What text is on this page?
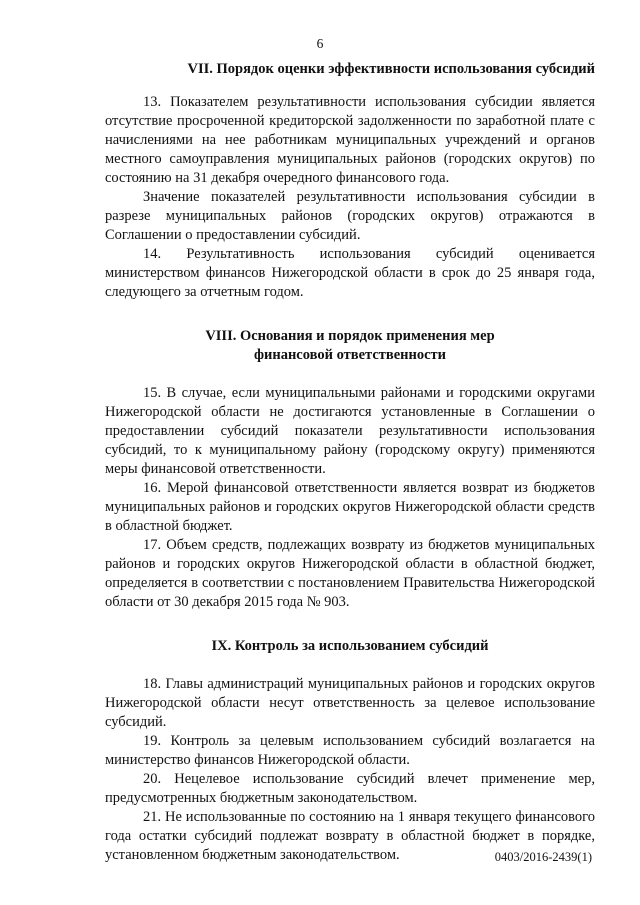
6

VII. Порядок оценки эффективности использования субсидий

13. Показателем результативности использования субсидии является отсутствие просроченной кредиторской задолженности по заработной плате с начислениями на нее работникам муниципальных учреждений и органов местного самоуправления муниципальных районов (городских округов) по состоянию на 31 декабря очередного финансового года.

Значение показателей результативности использования субсидии в разрезе муниципальных районов (городских округов) отражаются в Соглашении о предоставлении субсидий.

14. Результативность использования субсидий оценивается министерством финансов Нижегородской области в срок до 25 января года, следующего за отчетным годом.

VIII. Основания и порядок применения мер

финансовой ответственности

15. В случае, если муниципальными районами и городскими округами Нижегородской области не достигаются установленные в Соглашении о предоставлении субсидий показатели результативности использования субсидий, то к муниципальному району (городскому округу) применяются меры финансовой ответственности.

16. Мерой финансовой ответственности является возврат из бюджетов муниципальных районов и городских округов Нижегородской области средств в областной бюджет.

17. Объем средств, подлежащих возврату из бюджетов муниципальных районов и городских округов Нижегородской области в областной бюджет, определяется в соответствии с постановлением Правительства Нижегородской области от 30 декабря 2015 года № 903.

IX. Контроль за использованием субсидий

18. Главы администраций муниципальных районов и городских округов Нижегородской области несут ответственность за целевое использование субсидий.

19. Контроль за целевым использованием субсидий возлагается на министерство финансов Нижегородской области.

20. Нецелевое использование субсидий влечет применение мер, предусмотренных бюджетным законодательством.

21. Не использованные по состоянию на 1 января текущего финансового года остатки субсидий подлежат возврату в областной бюджет в порядке, установленном бюджетным законодательством.	0403/2016-2439(1)
